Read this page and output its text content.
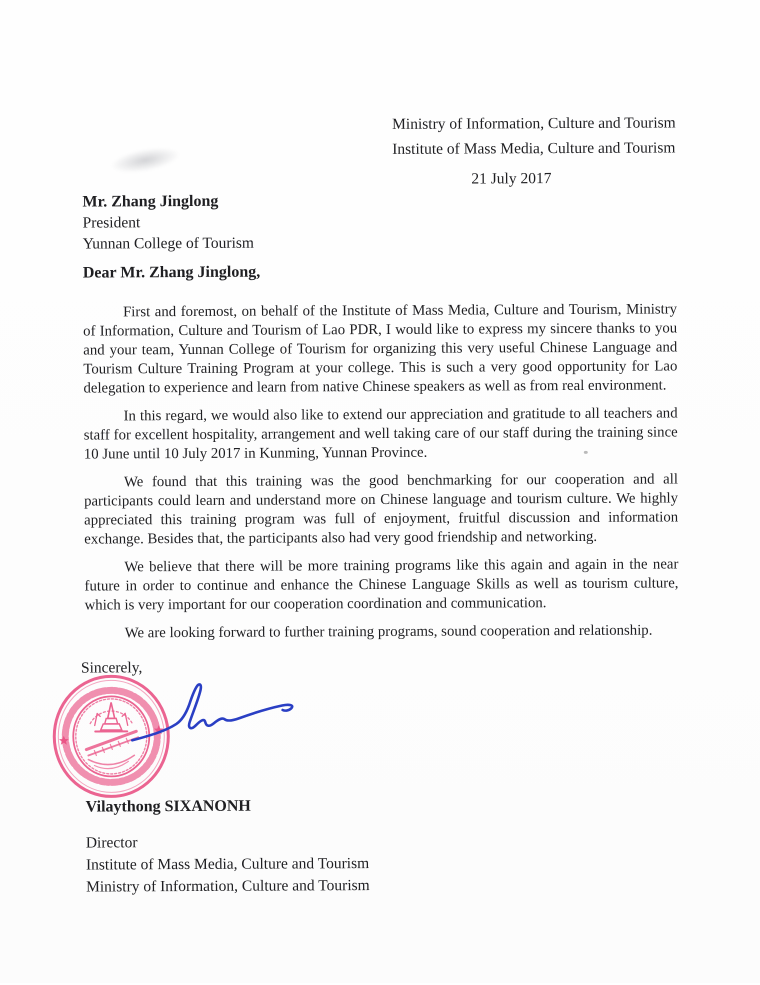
Ministry of Information, Culture and Tourism
Institute of Mass Media, Culture and Tourism
21 July 2017
Mr. Zhang Jinglong
President
Yunnan College of Tourism
Dear Mr. Zhang Jinglong,

First and foremost, on behalf of the Institute of Mass Media, Culture and Tourism, Ministry of Information, Culture and Tourism of Lao PDR, I would like to express my sincere thanks to you and your team, Yunnan College of Tourism for organizing this very useful Chinese Language and Tourism Culture Training Program at your college. This is such a very good opportunity for Lao delegation to experience and learn from native Chinese speakers as well as from real environment.

In this regard, we would also like to extend our appreciation and gratitude to all teachers and staff for excellent hospitality, arrangement and well taking care of our staff during the training since 10 June until 10 July 2017 in Kunming, Yunnan Province.

We found that this training was the good benchmarking for our cooperation and all participants could learn and understand more on Chinese language and tourism culture. We highly appreciated this training program was full of enjoyment, fruitful discussion and information exchange. Besides that, the participants also had very good friendship and networking.

We believe that there will be more training programs like this again and again in the near future in order to continue and enhance the Chinese Language Skills as well as tourism culture, which is very important for our cooperation coordination and communication.

We are looking forward to further training programs, sound cooperation and relationship.

Sincerely,
Vilaythong SIXANONH
Director
Institute of Mass Media, Culture and Tourism
Ministry of Information, Culture and Tourism
